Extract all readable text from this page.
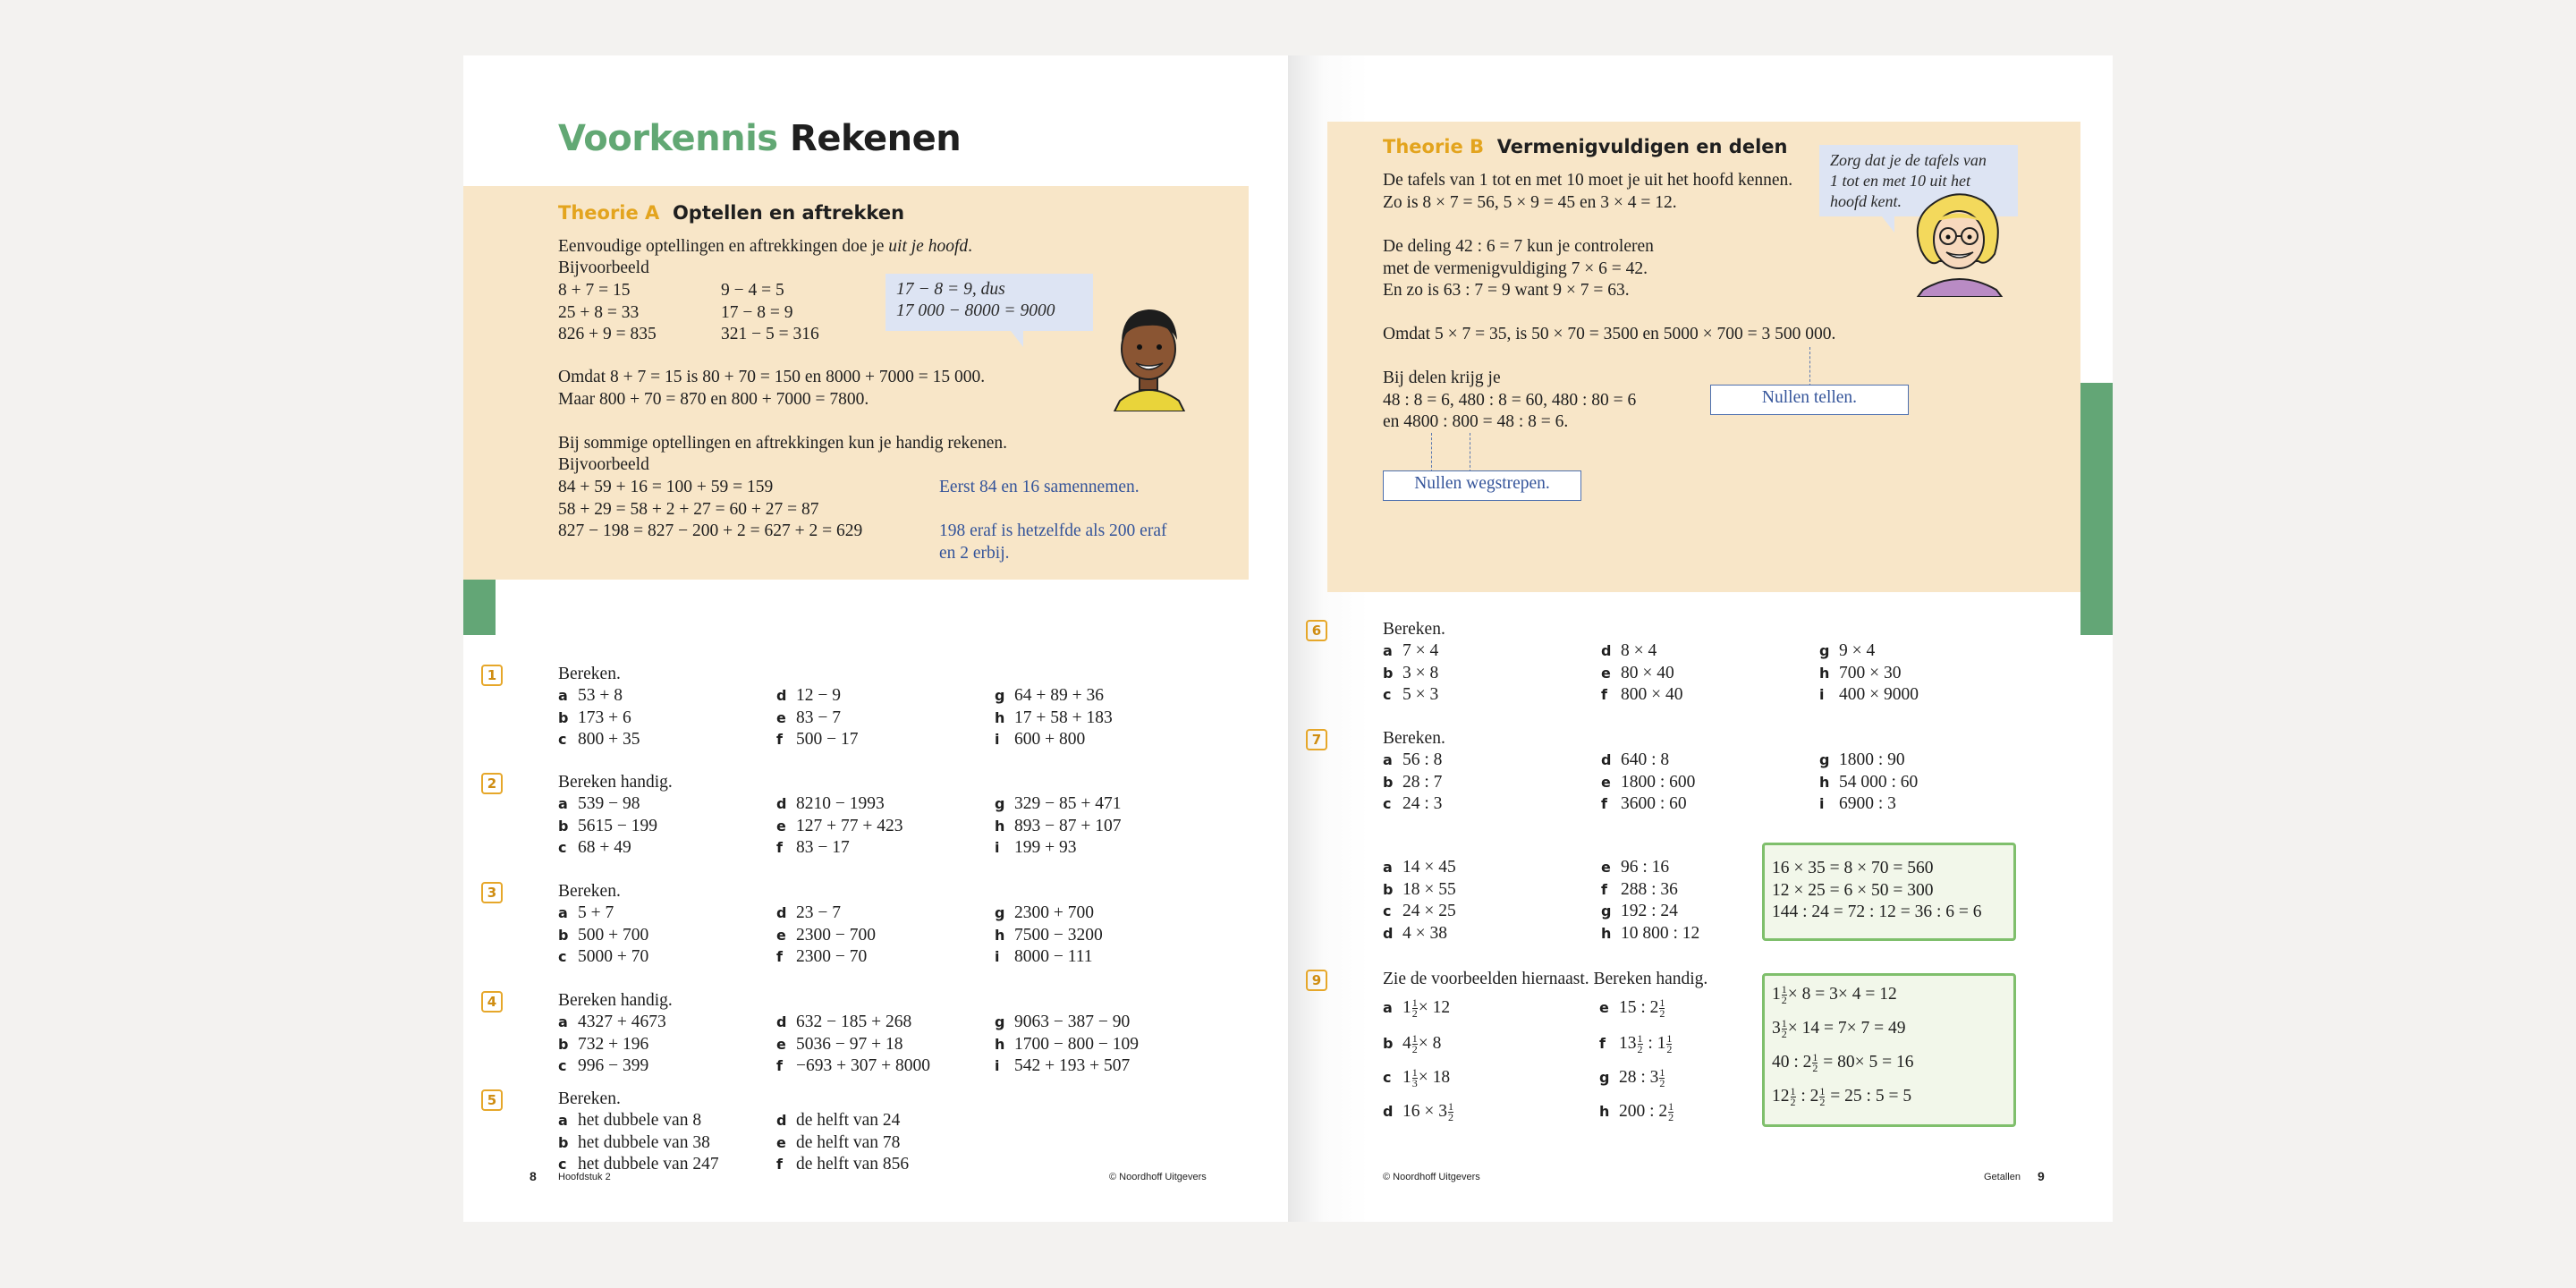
Voorkennis Rekenen
Theorie A Optellen en aftrekken
Eenvoudige optellingen en aftrekkingen doe je uit je hoofd.
Bijvoorbeeld
8 + 7 = 15
25 + 8 = 33
826 + 9 = 835
9 − 4 = 5
17 − 8 = 9
321 − 5 = 316
17 − 8 = 9, dus
17 000 − 8000 = 9000
Omdat 8 + 7 = 15 is 80 + 70 = 150 en 8000 + 7000 = 15 000.
Maar 800 + 70 = 870 en 800 + 7000 = 7800.
Bij sommige optellingen en aftrekkingen kun je handig rekenen.
Bijvoorbeeld
84 + 59 + 16 = 100 + 59 = 159
58 + 29 = 58 + 2 + 27 = 60 + 27 = 87
827 − 198 = 827 − 200 + 2 = 627 + 2 = 629
Eerst 84 en 16 samennemen.
198 eraf is hetzelfde als 200 eraf
en 2 erbij.
1	Bereken.
a 53 + 8
b 173 + 6
c 800 + 35
d 12 − 9
e 83 − 7
f 500 − 17
g 64 + 89 + 36
h 17 + 58 + 183
i 600 + 800
2	Bereken handig.
a 539 − 98
b 5615 − 199
c 68 + 49
d 8210 − 1993
e 127 + 77 + 423
f 83 − 17
g 329 − 85 + 471
h 893 − 87 + 107
i 199 + 93
3	Bereken.
a 5 + 7
b 500 + 700
c 5000 + 70
d 23 − 7
e 2300 − 700
f 2300 − 70
g 2300 + 700
h 7500 − 3200
i 8000 − 111
4	Bereken handig.
a 4327 + 4673
b 732 + 196
c 996 − 399
d 632 − 185 + 268
e 5036 − 97 + 18
f −693 + 307 + 8000
g 9063 − 387 − 90
h 1700 − 800 − 109
i 542 + 193 + 507
5	Bereken.
a het dubbele van 8
b het dubbele van 38
c het dubbele van 247
d de helft van 24
e de helft van 78
f de helft van 856
8 Hoofdstuk 2	© Noordhoff Uitgevers
Theorie B Vermenigvuldigen en delen
De tafels van 1 tot en met 10 moet je uit het hoofd kennen.
Zo is 8 × 7 = 56, 5 × 9 = 45 en 3 × 4 = 12.
De deling 42 : 6 = 7 kun je controleren
met de vermenigvuldiging 7 × 6 = 42.
En zo is 63 : 7 = 9 want 9 × 7 = 63.
Omdat 5 × 7 = 35, is 50 × 70 = 3500 en 5000 × 700 = 3 500 000.
Bij delen krijg je
48 : 8 = 6, 480 : 8 = 60, 480 : 80 = 6
en 4800 : 800 = 48 : 8 = 6.
Nullen tellen.
Nullen wegstrepen.
Zorg dat je de tafels van
1 tot en met 10 uit het
hoofd kent.
6	Bereken.
a 7 × 4
b 3 × 8
c 5 × 3
d 8 × 4
e 80 × 40
f 800 × 40
g 9 × 4
h 700 × 30
i 400 × 9000
7	Bereken.
a 56 : 8
b 28 : 7
c 24 : 3
d 640 : 8
e 1800 : 600
f 3600 : 60
g 1800 : 90
h 54 000 : 60
i 6900 : 3
a 14 × 45
b 18 × 55
c 24 × 25
d 4 × 38
e 96 : 16
f 288 : 36
g 192 : 24
h 10 800 : 12
16 × 35 = 8 × 70 = 560
12 × 25 = 6 × 50 = 300
144 : 24 = 72 : 12 = 36 : 6 = 6
9	Zie de voorbeelden hiernaast. Bereken handig.
a $1 \frac{1}{2} \times 12$
b $4 \frac{1}{2} \times 8$
c $1 \frac{1}{3} \times 18$
d $16 \times 3 \frac{1}{2}$
e 15 : $2 \frac{1}{2}$
f $13 \frac{1}{2}$ : $1 \frac{1}{2}$
g 28 : $3 \frac{1}{2}$
h 200 : $2 \frac{1}{2}$
$1 \frac{1}{2} \times 8 = 3\times 4 = 12$
$3 \frac{1}{2} \times 14 = 7\times 7 = 49$
40 : $2 \frac{1}{2} = 80\times 5 = 16$
$12 \frac{1}{2}$ : $2 \frac{1}{2} = 25$ : 5 = 5
© Noordhoff Uitgevers	Getallen 9
